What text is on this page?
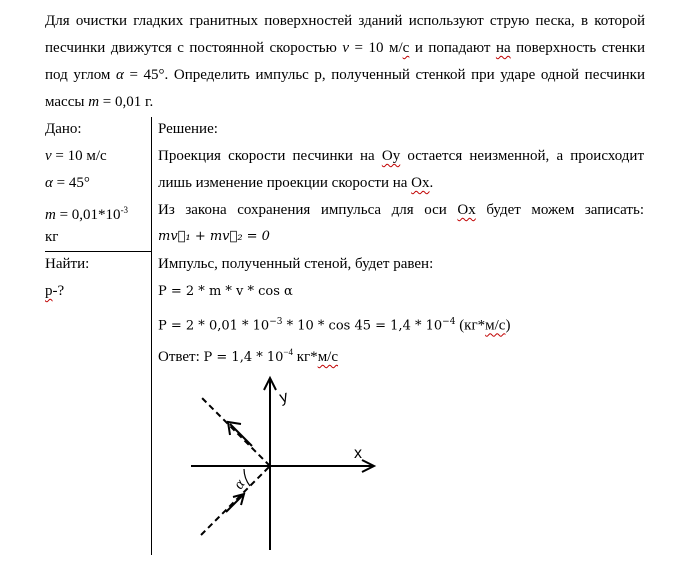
Для очистки гладких гранитных поверхностей зданий используют струю песка, в которой
песчинки движутся с постоянной скоростью v = 10 м/с и попадают на поверхность стенки
под углом α = 45°. Определить импульс р, полученный стенкой при ударе одной песчинки
массы m = 0,01 г.
Дано:
v = 10 м/с
α = 45°
$m = 0,01*10^{-3}$
кг
Найти:
р-?
Решение:
Проекция скорости песчинки на Оу остается неизменной, а происходит
лишь изменение проекции скорости на Ох.
Из закона сохранения импульса для оси Ох будет можем записать:
mv⃗₁ + mv⃗₂ = 0
Импульс, полученный стеной, будет равен:
P = 2 * m * v * cos α
$P = 2 * 0,01 * 10^{-3} * 10 * \cos 45 = 1,4 * 10^{-4}$ (кг*м/с)
Ответ: $P = 1,4 * 10^{-4}$ кг*м/с
у
х
α
